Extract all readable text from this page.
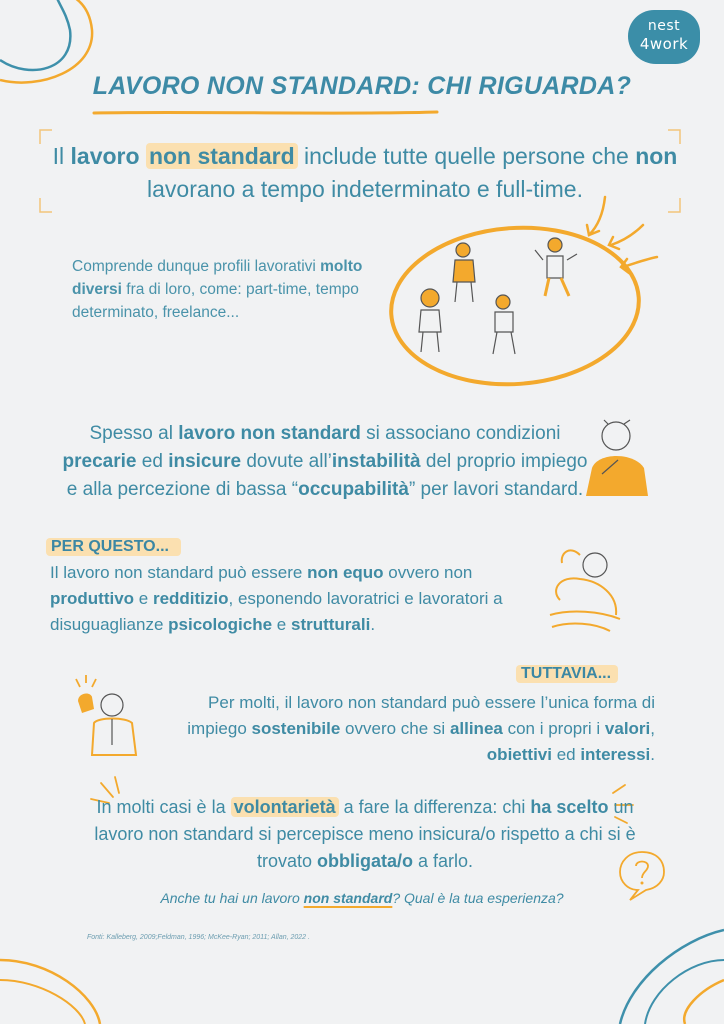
nest
4work
LAVORO NON STANDARD: CHI RIGUARDA?
Il lavoro non standard include tutte quelle persone che non lavorano a tempo indeterminato e full-time.
Comprende dunque profili lavorativi molto diversi fra di loro, come: part-time, tempo determinato, freelance...
Spesso al lavoro non standard si associano condizioni precarie ed insicure dovute all’instabilità del proprio impiego e alla percezione di bassa “occupabilità” per lavori standard.
PER QUESTO...
Il lavoro non standard può essere non equo ovvero non produttivo e redditizio, esponendo lavoratrici e lavoratori a disuguaglianze psicologiche e strutturali.
TUTTAVIA...
Per molti, il lavoro non standard può essere l’unica forma di impiego sostenibile ovvero che si allinea con i propri i valori, obiettivi ed interessi.
In molti casi è la volontarietà a fare la differenza: chi ha scelto un lavoro non standard si percepisce meno insicura/o rispetto a chi si è trovato obbligata/o a farlo.
Anche tu hai un lavoro non standard? Qual è la tua esperienza?
Fonti: Kalleberg, 2009;Feldman, 1996; McKee-Ryan; 2011; Allan, 2022 .
